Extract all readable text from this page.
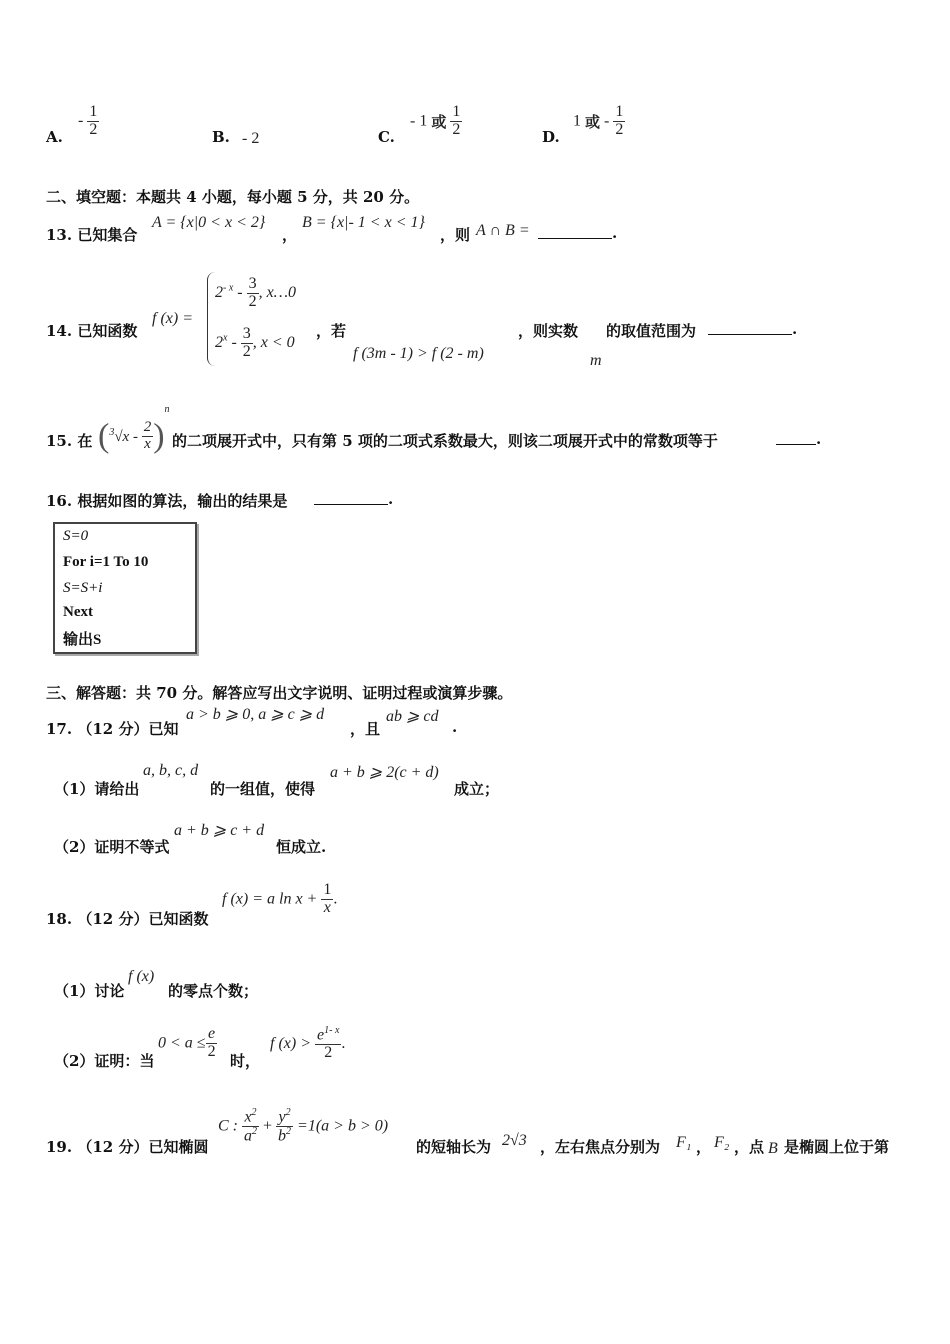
A.
- $\frac{1}{2}$	B. - 2	C.
- 1 或 $\frac{1}{2}$	D.
1 或 - $\frac{1}{2}$
二、填空题：本题共 4 小题，每小题 5 分，共 20 分。
13. 已知集合
A = {x|0 < x < 2}
，
B = {x|- 1 < x < 1}
，则 A ∩ B =	.
14. 已知函数
f (x) =
$2^{- x} - \frac{3}{2}$ , x…0
$2^x - \frac{3}{2}$ , x < 0
，若
f (3m - 1) > f (2 - m)
，则实数
m
的取值范围为	.
15. 在 $(^3√x - \frac{2}{x} )^n$
的二项展开式中，只有第 5 项的二项式系数最大，则该二项展开式中的常数项等于	.
16. 根据如图的算法，输出的结果是	.
S=0
For i=1 To 10
S=S+i
Next
输出S
三、解答题：共 70 分。解答应写出文字说明、证明过程或演算步骤。
17. （12 分）已知
a > b ⩾ 0, a ⩾ c ⩾ d
，且
ab ⩾ cd
.
（1）请给出
a, b, c, d
的一组值，使得
a + b ⩾ 2(c + d)
成立；
（2）证明不等式
a + b ⩾ c + d
恒成立.
18. （12 分）已知函数
f (x) = a $\ln x + \frac{1}{x}$ .
（1）讨论
f (x)
的零点个数；
（2）证明：当
$0 < a \le \frac{e}{2}$
时，
f $(x) > \frac{e^{1- x}}{2}$ .
19. （12 分）已知椭圆
C : $\frac{x^2}{a^2} + \frac{y^2}{b^2} =1(a > b > 0)$
的短轴长为 2√3 ，左右焦点分别为 F₁ ， F₂ ，点 B 是椭圆上位于第
